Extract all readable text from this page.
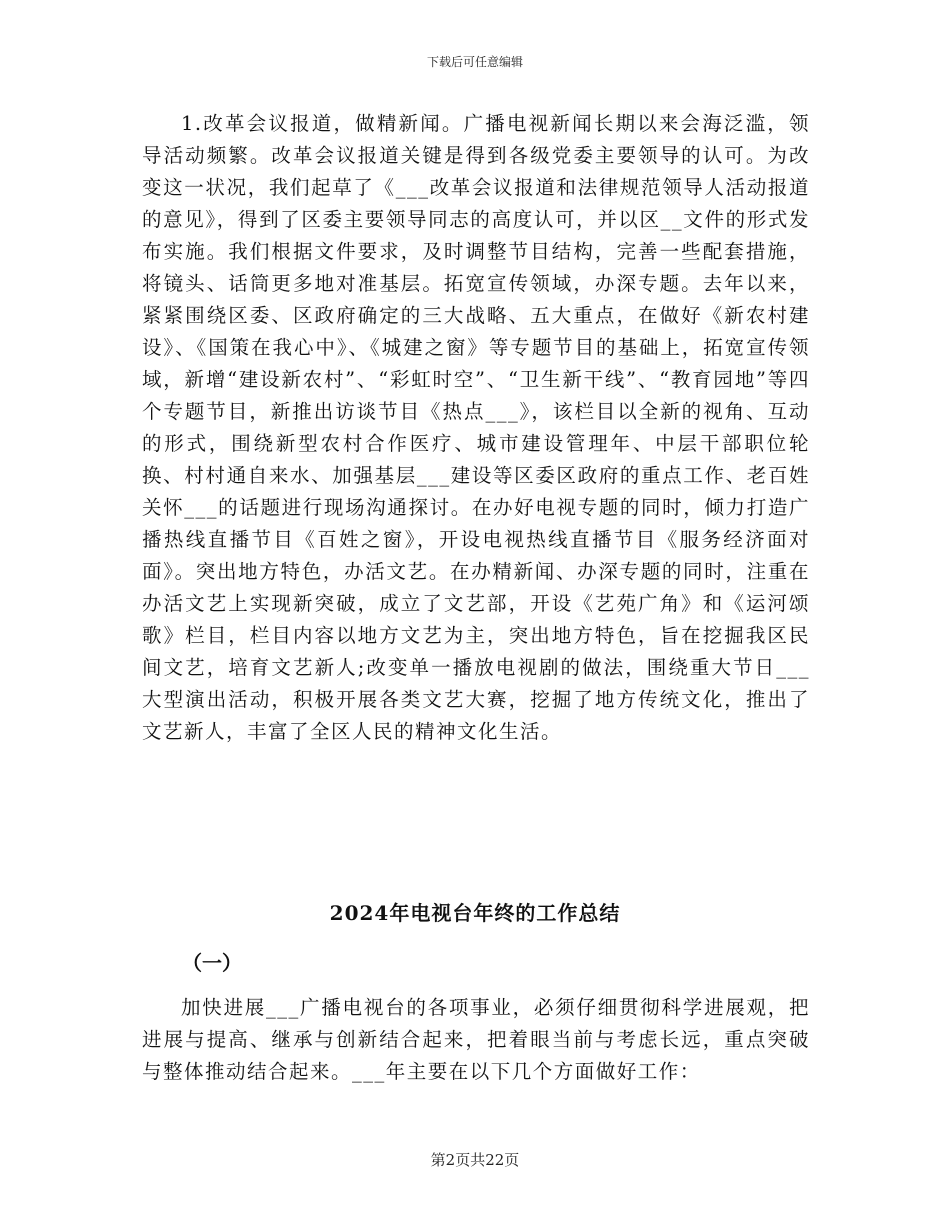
下载后可任意编辑

1.改革会议报道，做精新闻。广播电视新闻长期以来会海泛滥，领导活动频繁。改革会议报道关键是得到各级党委主要领导的认可。为改变这一状况，我们起草了《___改革会议报道和法律规范领导人活动报道的意见》，得到了区委主要领导同志的高度认可，并以区__文件的形式发布实施。我们根据文件要求，及时调整节目结构，完善一些配套措施，将镜头、话筒更多地对准基层。拓宽宣传领域，办深专题。去年以来，紧紧围绕区委、区政府确定的三大战略、五大重点，在做好《新农村建设》、《国策在我心中》、《城建之窗》等专题节目的基础上，拓宽宣传领域，新增“建设新农村”、“彩虹时空”、“卫生新干线”、“教育园地”等四个专题节目，新推出访谈节目《热点___》，该栏目以全新的视角、互动的形式，围绕新型农村合作医疗、城市建设管理年、中层干部职位轮换、村村通自来水、加强基层___建设等区委区政府的重点工作、老百姓关怀___的话题进行现场沟通探讨。在办好电视专题的同时，倾力打造广播热线直播节目《百姓之窗》，开设电视热线直播节目《服务经济面对面》。突出地方特色，办活文艺。在办精新闻、办深专题的同时，注重在办活文艺上实现新突破，成立了文艺部，开设《艺苑广角》和《运河颂歌》栏目，栏目内容以地方文艺为主，突出地方特色，旨在挖掘我区民间文艺，培育文艺新人;改变单一播放电视剧的做法，围绕重大节日___大型演出活动，积极开展各类文艺大赛，挖掘了地方传统文化，推出了文艺新人，丰富了全区人民的精神文化生活。

2024年电视台年终的工作总结
（一）

加快进展___广播电视台的各项事业，必须仔细贯彻科学进展观，把进展与提高、继承与创新结合起来，把着眼当前与考虑长远，重点突破与整体推动结合起来。___年主要在以下几个方面做好工作：

第2页共22页
